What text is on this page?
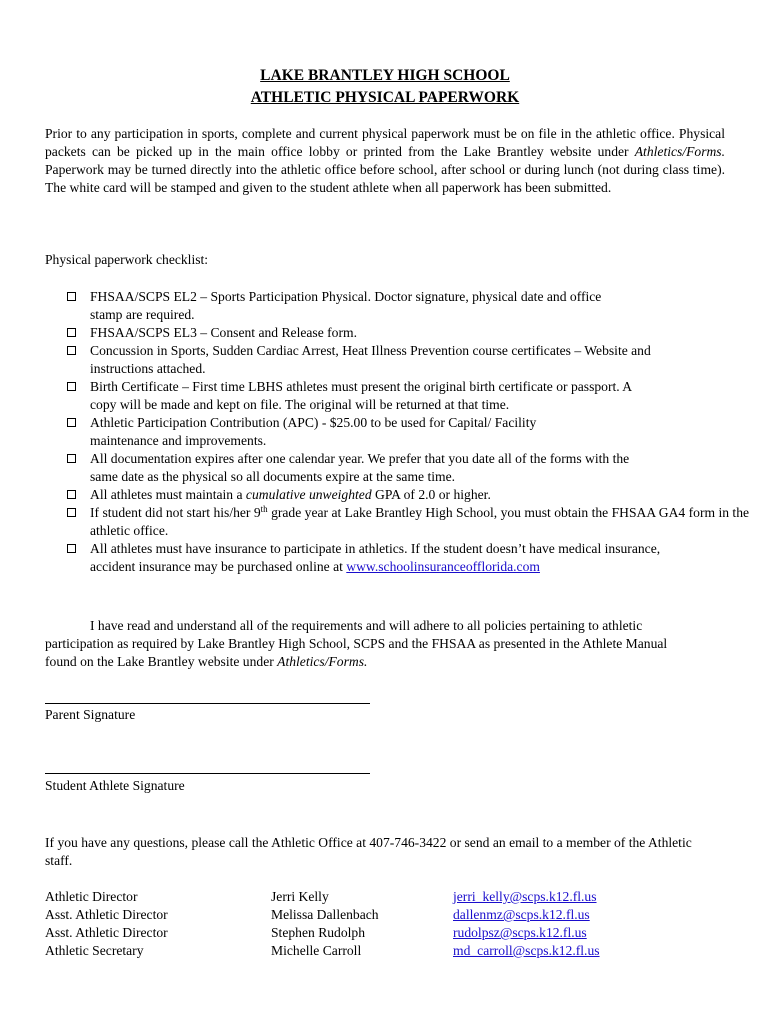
LAKE BRANTLEY HIGH SCHOOL
ATHLETIC PHYSICAL PAPERWORK
Prior to any participation in sports, complete and current physical paperwork must be on file in the athletic office. Physical packets can be picked up in the main office lobby or printed from the Lake Brantley website under Athletics/Forms. Paperwork may be turned directly into the athletic office before school, after school or during lunch (not during class time). The white card will be stamped and given to the student athlete when all paperwork has been submitted.
Physical paperwork checklist:
FHSAA/SCPS EL2 – Sports Participation Physical. Doctor signature, physical date and office stamp are required.
FHSAA/SCPS EL3 – Consent and Release form.
Concussion in Sports, Sudden Cardiac Arrest, Heat Illness Prevention course certificates – Website and instructions attached.
Birth Certificate – First time LBHS athletes must present the original birth certificate or passport. A copy will be made and kept on file. The original will be returned at that time.
Athletic Participation Contribution (APC) - $25.00 to be used for Capital/ Facility maintenance and improvements.
All documentation expires after one calendar year. We prefer that you date all of the forms with the same date as the physical so all documents expire at the same time.
All athletes must maintain a cumulative unweighted GPA of 2.0 or higher.
If student did not start his/her 9th grade year at Lake Brantley High School, you must obtain the FHSAA GA4 form in the athletic office.
All athletes must have insurance to participate in athletics. If the student doesn’t have medical insurance, accident insurance may be purchased online at www.schoolinsuranceofflorida.com
I have read and understand all of the requirements and will adhere to all policies pertaining to athletic participation as required by Lake Brantley High School, SCPS and the FHSAA as presented in the Athlete Manual found on the Lake Brantley website under Athletics/Forms.
Parent Signature
Student Athlete Signature
If you have any questions, please call the Athletic Office at 407-746-3422 or send an email to a member of the Athletic staff.
Athletic Director	Jerri Kelly	jerri_kelly@scps.k12.fl.us
Asst. Athletic Director	Melissa Dallenbach	dallenmz@scps.k12.fl.us
Asst. Athletic Director	Stephen Rudolph	rudolpsz@scps.k12.fl.us
Athletic Secretary	Michelle Carroll	md_carroll@scps.k12.fl.us
